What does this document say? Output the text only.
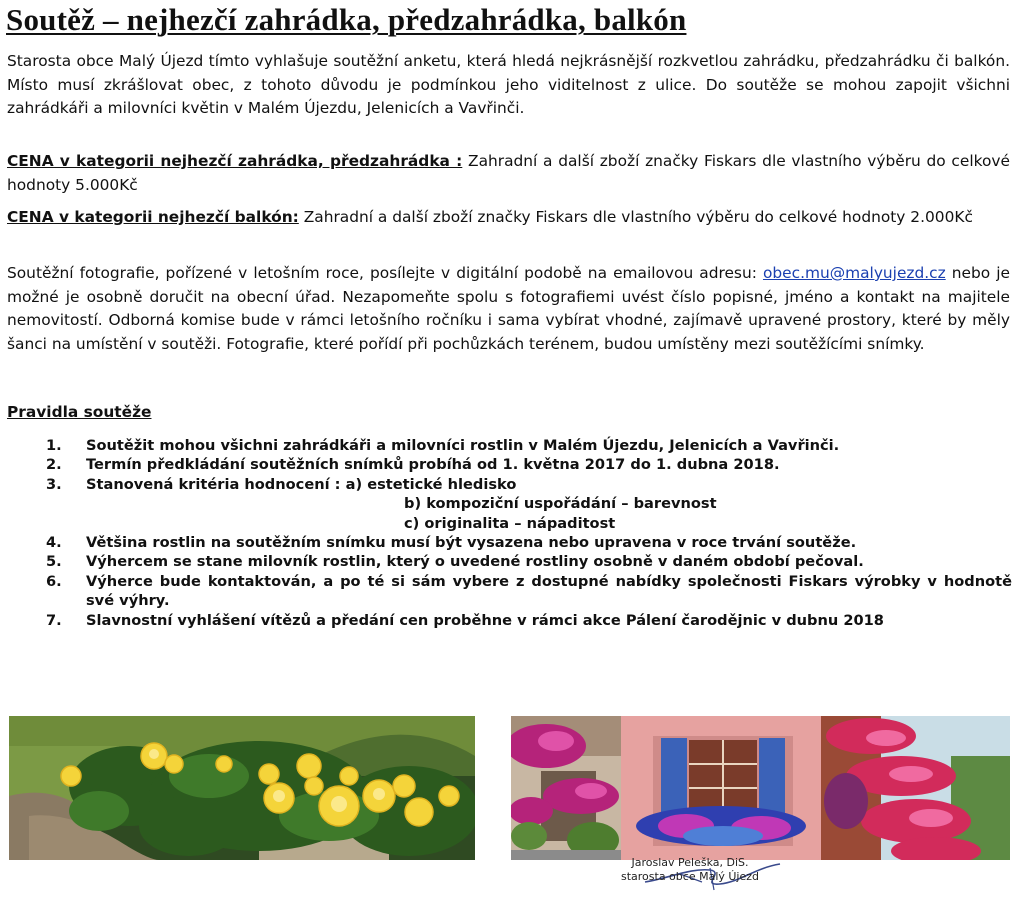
Soutěž – nejhezčí zahrádka, předzahrádka, balkón

Starosta obce Malý Újezd tímto vyhlašuje soutěžní anketu, která hledá nejkrásnější rozkvetlou zahrádku, předzahrádku či balkón. Místo musí zkrášlovat obec, z tohoto důvodu je podmínkou jeho viditelnost z ulice. Do soutěže se mohou zapojit všichni zahrádkáři a milovníci květin v Malém Újezdu, Jelenicích a Vavřinči.

CENA v kategorii nejhezčí zahrádka, předzahrádka : Zahradní a další zboží značky Fiskars dle vlastního výběru do celkové hodnoty 5.000Kč

CENA v kategorii nejhezčí balkón: Zahradní a další zboží značky Fiskars dle vlastního výběru do celkové hodnoty 2.000Kč

Soutěžní fotografie, pořízené v letošním roce, posílejte v digitální podobě na emailovou adresu: obec.mu@malyujezd.cz nebo je možné je osobně doručit na obecní úřad. Nezapomeňte spolu s fotografiemi uvést číslo popisné, jméno a kontakt na majitele nemovitostí. Odborná komise bude v rámci letošního ročníku i sama vybírat vhodné, zajímavě upravené prostory, které by měly šanci na umístění v soutěži. Fotografie, které pořídí při pochůzkách terénem, budou umístěny mezi soutěžícími snímky.

Pravidla soutěže

1. Soutěžit mohou všichni zahrádkáři a milovníci rostlin v Malém Újezdu, Jelenicích a Vavřinči.
2. Termín předkládání soutěžních snímků probíhá od 1. května 2017 do 1. dubna 2018.
3. Stanovená kritéria hodnocení : a) estetické hledisko
b) kompoziční uspořádání – barevnost
c) originalita – nápaditost
4. Většina rostlin na soutěžním snímku musí být vysazena nebo upravena v roce trvání soutěže.
5. Výhercem se stane milovník rostlin, který o uvedené rostliny osobně v daném období pečoval.
6. Výherce bude kontaktován, a po té si sám vybere z dostupné nabídky společnosti Fiskars výrobky v hodnotě své výhry.
7. Slavnostní vyhlášení vítězů a předání cen proběhne v rámci akce Pálení čarodějnic v dubnu 2018
Jaroslav Peleška, DiS.
starosta obce Malý Újezd
